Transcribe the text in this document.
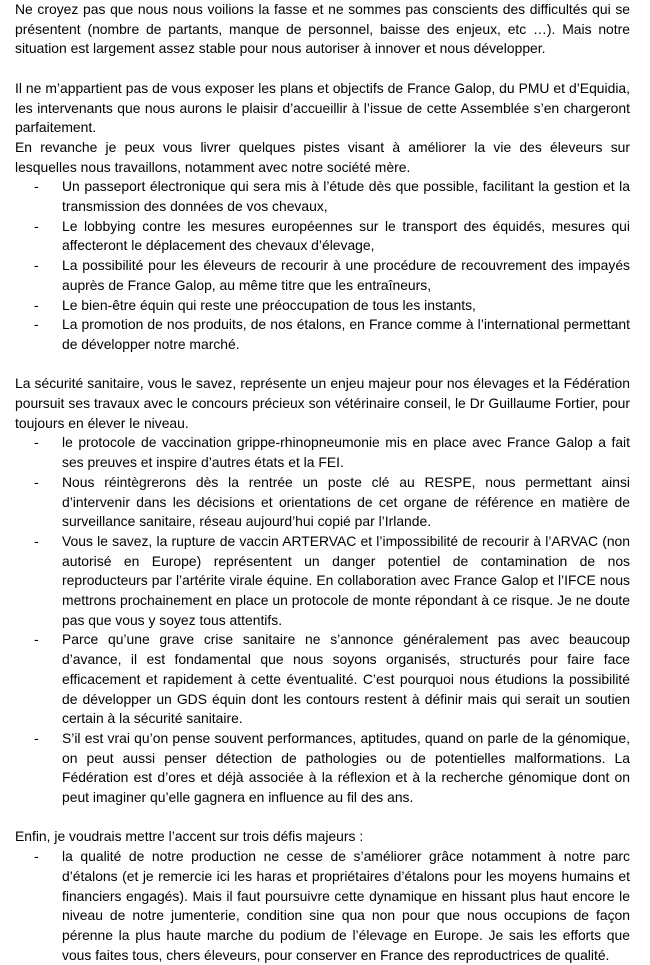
Ne croyez pas que nous nous voilions la fasse et ne sommes pas conscients des difficultés qui se présentent (nombre de partants, manque de personnel, baisse des enjeux, etc …). Mais notre situation est largement assez stable pour nous autoriser à innover et nous développer.

Il ne m’appartient pas de vous exposer les plans et objectifs de France Galop, du PMU et d’Equidia, les intervenants que nous aurons le plaisir d’accueillir à l’issue de cette Assemblée s’en chargeront parfaitement.

En revanche je peux vous livrer quelques pistes visant à améliorer la vie des éleveurs sur lesquelles nous travaillons, notamment avec notre société mère.

- Un passeport électronique qui sera mis à l’étude dès que possible, facilitant la gestion et la transmission des données de vos chevaux,
- Le lobbying contre les mesures européennes sur le transport des équidés, mesures qui affecteront le déplacement des chevaux d’élevage,
- La possibilité pour les éleveurs de recourir à une procédure de recouvrement des impayés auprès de France Galop, au même titre que les entraîneurs,
- Le bien-être équin qui reste une préoccupation de tous les instants,
- La promotion de nos produits, de nos étalons, en France comme à l’international permettant de développer notre marché.

La sécurité sanitaire, vous le savez, représente un enjeu majeur pour nos élevages et la Fédération poursuit ses travaux avec le concours précieux son vétérinaire conseil, le Dr Guillaume Fortier, pour toujours en élever le niveau.

- le protocole de vaccination grippe-rhinopneumonie mis en place avec France Galop a fait ses preuves et inspire d’autres états et la FEI.
- Nous réintègrerons dès la rentrée un poste clé au RESPE, nous permettant ainsi d’intervenir dans les décisions et orientations de cet organe de référence en matière de surveillance sanitaire, réseau aujourd’hui copié par l’Irlande.
- Vous le savez, la rupture de vaccin ARTERVAC et l’impossibilité de recourir à l’ARVAC (non autorisé en Europe) représentent un danger potentiel de contamination de nos reproducteurs par l’artérite virale équine. En collaboration avec France Galop et l’IFCE nous mettrons prochainement en place un protocole de monte répondant à ce risque. Je ne doute pas que vous y soyez tous attentifs.
- Parce qu’une grave crise sanitaire ne s’annonce généralement pas avec beaucoup d’avance, il est fondamental que nous soyons organisés, structurés pour faire face efficacement et rapidement à cette éventualité. C’est pourquoi nous étudions la possibilité de développer un GDS équin dont les contours restent à définir mais qui serait un soutien certain à la sécurité sanitaire.
- S’il est vrai qu’on pense souvent performances, aptitudes, quand on parle de la génomique, on peut aussi penser détection de pathologies ou de potentielles malformations. La Fédération est d’ores et déjà associée à la réflexion et à la recherche génomique dont on peut imaginer qu’elle gagnera en influence au fil des ans.

Enfin, je voudrais mettre l’accent sur trois défis majeurs :

- la qualité de notre production ne cesse de s’améliorer grâce notamment à notre parc d’étalons (et je remercie ici les haras et propriétaires d’étalons pour les moyens humains et financiers engagés). Mais il faut poursuivre cette dynamique en hissant plus haut encore le niveau de notre jumenterie, condition sine qua non pour que nous occupions de façon pérenne la plus haute marche du podium de l’élevage en Europe. Je sais les efforts que vous faites tous, chers éleveurs, pour conserver en France des reproductrices de qualité.
